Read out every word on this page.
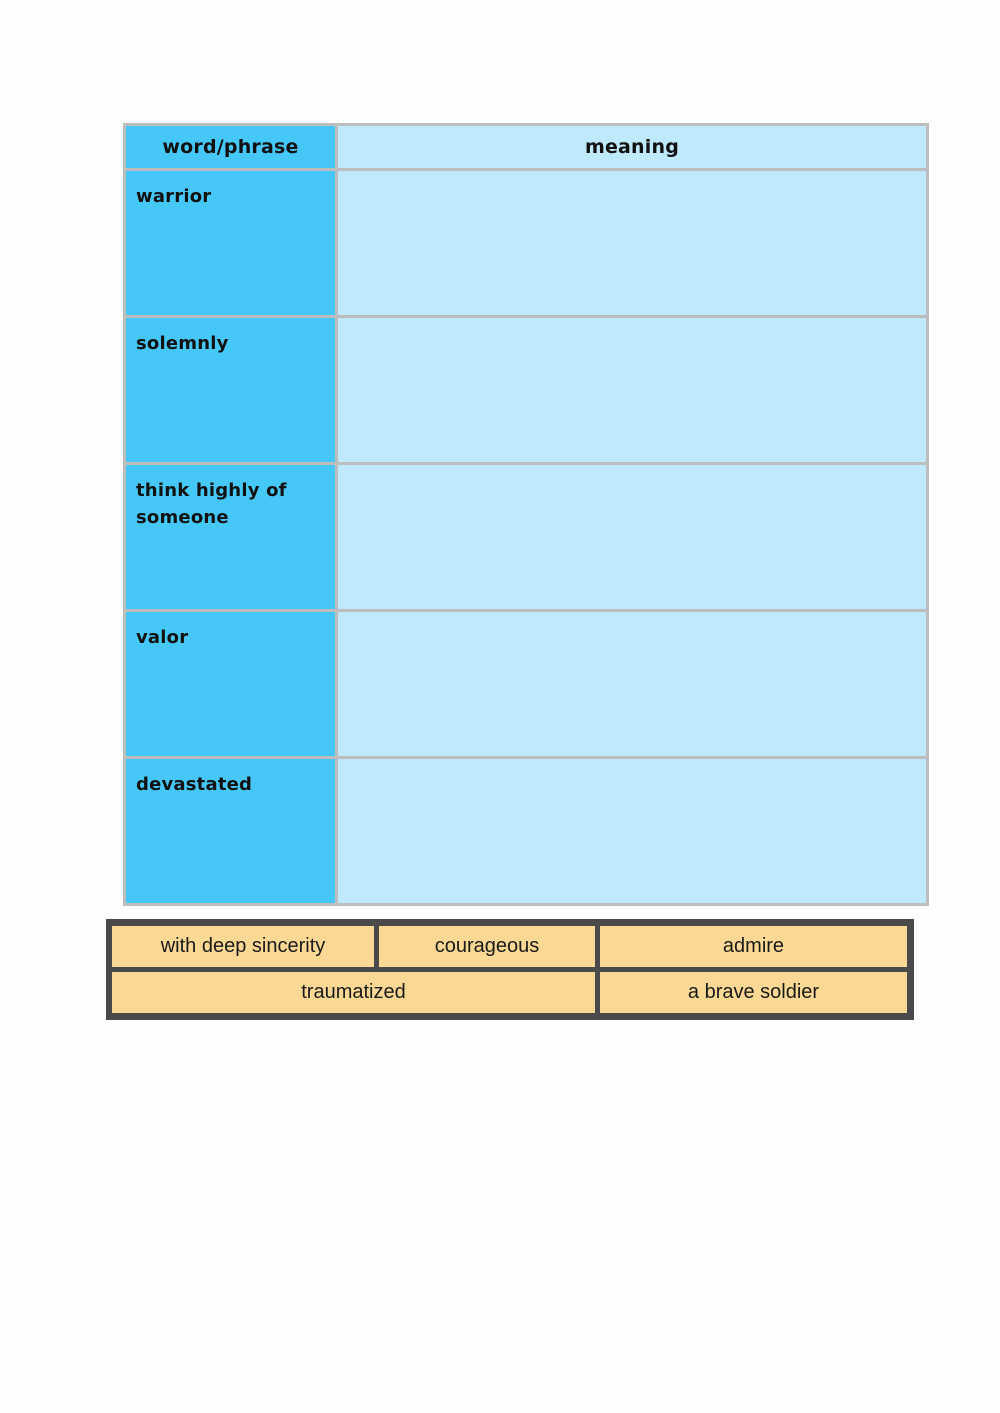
word/phrase	meaning
warrior	
solemnly	
think highly of someone	
valor	
devastated	
with deep sincerity	courageous	admire
traumatized	a brave soldier
